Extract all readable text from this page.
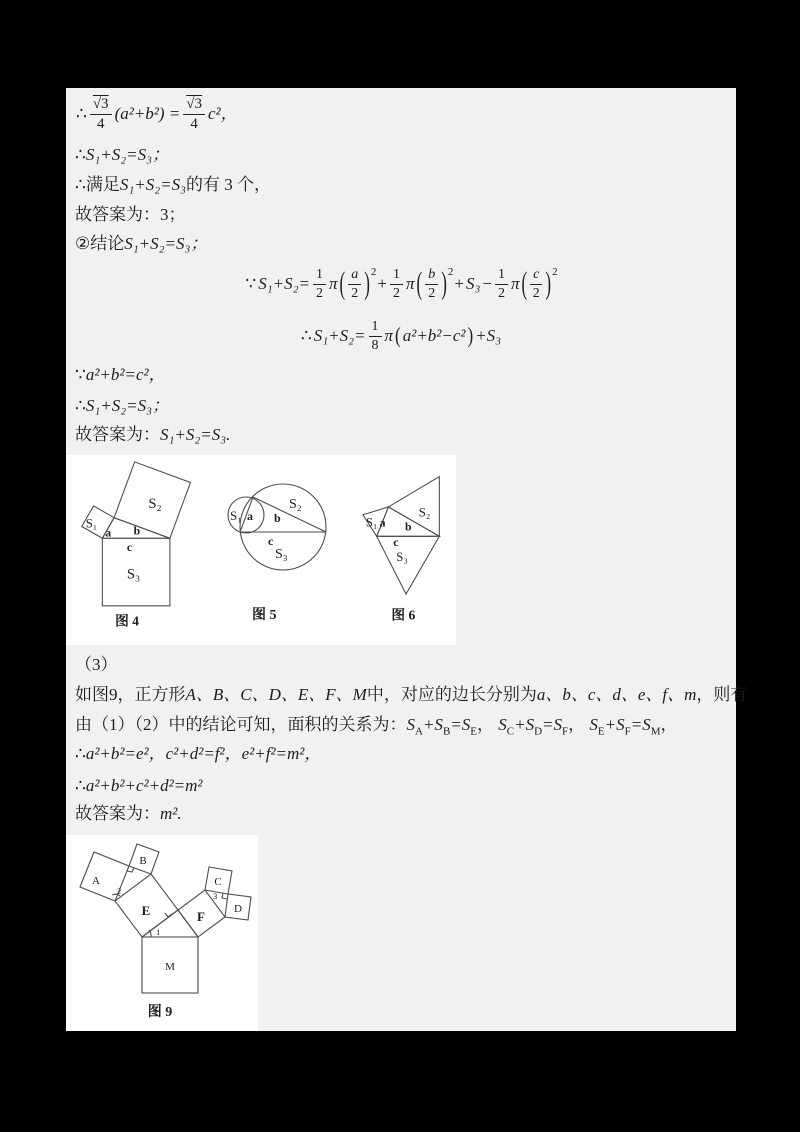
∴ $\frac{√3}{4} (a^2+b^2) = \frac{√3}{4} c^2$，
∴S₁+S₂=S₃；
∴满足S₁+S₂=S₃的有 3 个，
故答案为：3；
②结论S₁+S₂=S₃；
∵ $S_1+S_2= \frac{1}{2}$ π ( $\frac{a}{2}$ ) 2
+ $\frac{1}{2}$ π ( $\frac{b}{2}$ ) 2
+ $S_3 - \frac{1}{2}$ π ( $\frac{c}{2}$ ) 2
∴ $S_1+S_2= \frac{1}{8}$ π ( a²+b²−c² ) +S₃
∵a²+b²=c²，
∴S₁+S₂=S₃；
故答案为：S₁+S₂=S₃.
S₁
S₂
S₃
a b
c
图 4
S₁
S₂
S₃
a b
c
图 5
S₁
S₂
S₃
a b
c
图 6
（3）
如图9，正方形A、B、C、D、E、F、M中，对应的边长分别为a、b、c、d、e、f、m，则有
由（1）（2）中的结论可知，面积的关系为：$S_A+S_B=S_E$， $S_C+S_D=S_F$， $S_E+S_F=S_M$，
∴a²+b²=e²，c²+d²=f²，e²+f²=m²，
∴a²+b²+c²+d²=m²
故答案为：m².
A
B
C
D
E	F
M
1
2	3
图 9
